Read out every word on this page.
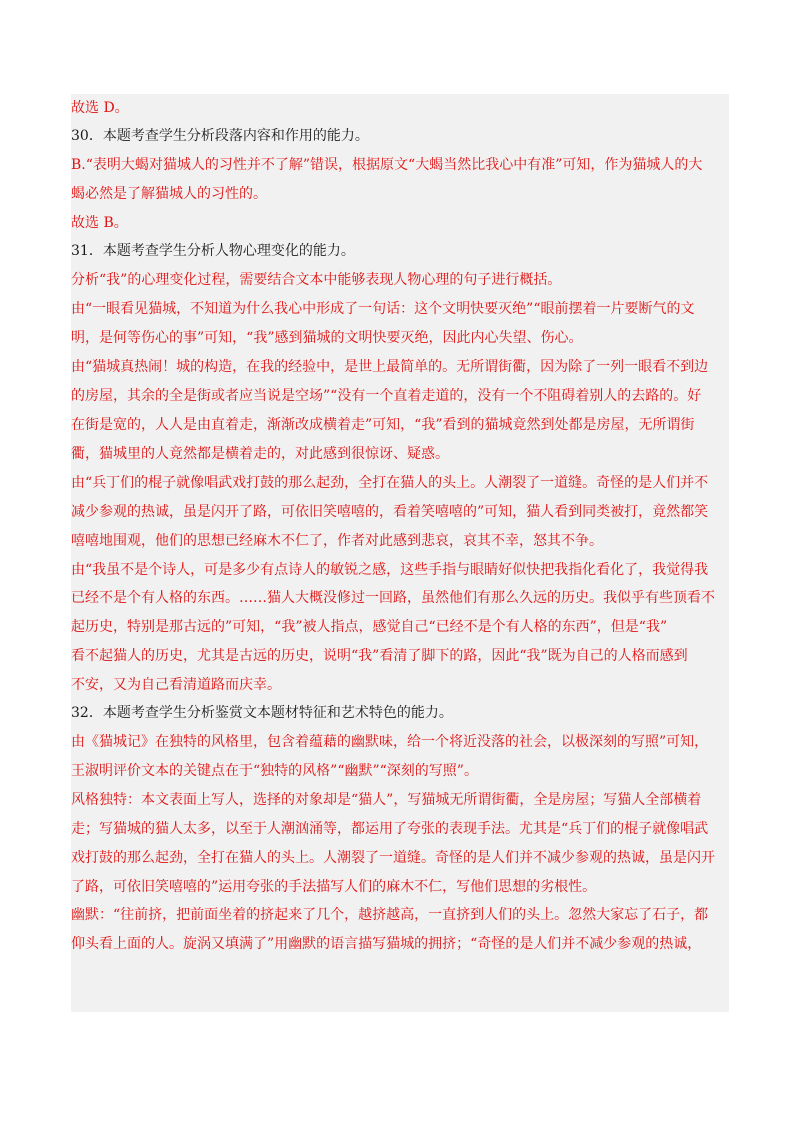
故选 D。

30．本题考查学生分析段落内容和作用的能力。

B.“表明大蝎对猫城人的习性并不了解”错误，根据原文“大蝎当然比我心中有准”可知，作为猫城人的大

蝎必然是了解猫城人的习性的。

故选 B。

31．本题考查学生分析人物心理变化的能力。

分析“我”的心理变化过程，需要结合文本中能够表现人物心理的句子进行概括。

由“一眼看见猫城，不知道为什么我心中形成了一句话：这个文明快要灭绝”“眼前摆着一片要断气的文

明，是何等伤心的事”可知，“我”感到猫城的文明快要灭绝，因此内心失望、伤心。

由“猫城真热闹！城的构造，在我的经验中，是世上最简单的。无所谓街衢，因为除了一列一眼看不到边

的房屋，其余的全是街或者应当说是空场”“没有一个直着走道的，没有一个不阻碍着别人的去路的。好

在街是宽的，人人是由直着走，渐渐改成横着走”可知，“我”看到的猫城竟然到处都是房屋，无所谓街

衢，猫城里的人竟然都是横着走的，对此感到很惊讶、疑惑。

由“兵丁们的棍子就像唱武戏打鼓的那么起劲，全打在猫人的头上。人潮裂了一道缝。奇怪的是人们并不

减少参观的热诚，虽是闪开了路，可依旧笑嘻嘻的，看着笑嘻嘻的”可知，猫人看到同类被打，竟然都笑

嘻嘻地围观，他们的思想已经麻木不仁了，作者对此感到悲哀，哀其不幸，怒其不争。

由“我虽不是个诗人，可是多少有点诗人的敏锐之感，这些手指与眼睛好似快把我指化看化了，我觉得我

已经不是个有人格的东西。……猫人大概没修过一回路，虽然他们有那么久远的历史。我似乎有些顶看不

起历史，特别是那古远的”可知，“我”被人指点，感觉自己“已经不是个有人格的东西”，但是“我”

看不起猫人的历史，尤其是古远的历史，说明“我”看清了脚下的路，因此“我”既为自己的人格而感到

不安，又为自己看清道路而庆幸。

32．本题考查学生分析鉴赏文本题材特征和艺术特色的能力。

由《猫城记》在独特的风格里，包含着蕴藉的幽默味，给一个将近没落的社会，以极深刻的写照”可知，

王淑明评价文本的关键点在于“独特的风格”“幽默”“深刻的写照”。

风格独特：本文表面上写人，选择的对象却是“猫人”，写猫城无所谓街衢，全是房屋；写猫人全部横着

走；写猫城的猫人太多，以至于人潮汹涌等，都运用了夸张的表现手法。尤其是“兵丁们的棍子就像唱武

戏打鼓的那么起劲，全打在猫人的头上。人潮裂了一道缝。奇怪的是人们并不减少参观的热诚，虽是闪开

了路，可依旧笑嘻嘻的”运用夸张的手法描写人们的麻木不仁，写他们思想的劣根性。

幽默：“往前挤，把前面坐着的挤起来了几个，越挤越高，一直挤到人们的头上。忽然大家忘了石子，都

仰头看上面的人。旋涡又填满了”用幽默的语言描写猫城的拥挤；“奇怪的是人们并不减少参观的热诚，
